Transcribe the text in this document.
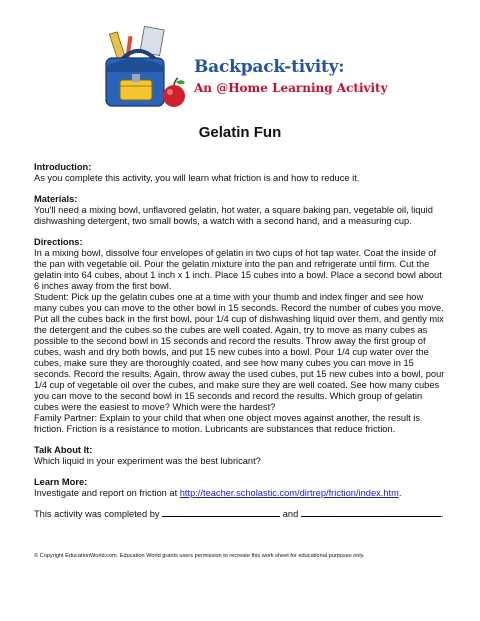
Backpack-tivity:
An @Home Learning Activity
Gelatin Fun
Introduction:

As you complete this activity, you will learn what friction is and how to reduce it.

Materials:

You'll need a mixing bowl, unflavored gelatin, hot water, a square baking pan, vegetable oil, liquid dishwashing detergent, two small bowls, a watch with a second hand, and a measuring cup.

Directions:

In a mixing bowl, dissolve four envelopes of gelatin in two cups of hot tap water. Coat the inside of the pan with vegetable oil. Pour the gelatin mixture into the pan and refrigerate until firm. Cut the gelatin into 64 cubes, about 1 inch x 1 inch. Place 15 cubes into a bowl. Place a second bowl about 6 inches away from the first bowl.

Student: Pick up the gelatin cubes one at a time with your thumb and index finger and see how many cubes you can move to the other bowl in 15 seconds. Record the number of cubes you move. Put all the cubes back in the first bowl, pour 1/4 cup of dishwashing liquid over them, and gently mix the detergent and the cubes so the cubes are well coated. Again, try to move as many cubes as possible to the second bowl in 15 seconds and record the results. Throw away the first group of cubes, wash and dry both bowls, and put 15 new cubes into a bowl. Pour 1/4 cup water over the cubes, make sure they are thoroughly coated, and see how many cubes you can move in 15 seconds. Record the results. Again, throw away the used cubes, put 15 new cubes into a bowl, pour 1/4 cup of vegetable oil over the cubes, and make sure they are well coated. See how many cubes you can move to the second bowl in 15 seconds and record the results. Which group of gelatin cubes were the easiest to move? Which were the hardest?

Family Partner: Explain to your child that when one object moves against another, the result is friction. Friction is a resistance to motion. Lubricants are substances that reduce friction.

Talk About It:

Which liquid in your experiment was the best lubricant?

Learn More:

Investigate and report on friction at http://teacher.scholastic.com/dirtrep/friction/index.htm.

This activity was completed by	and	.
© Copyright EducationWorld.com. Education World grants users permission to recreate this work sheet for educational purposes only.
